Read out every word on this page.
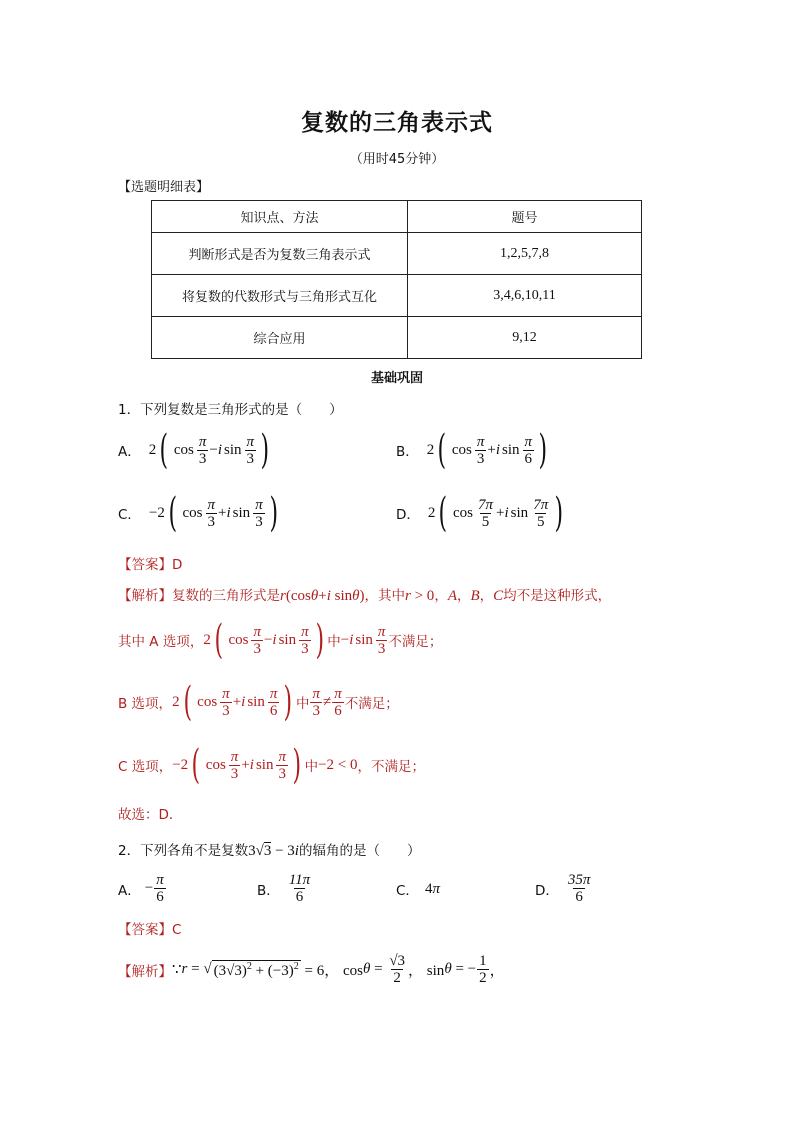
复数的三角表示式
（用时45分钟）
【选题明细表】
知识点、方法	题号
判断形式是否为复数三角表示式	1,2,5,7,8
将复数的代数形式与三角形式互化	3,4,6,10,11
综合应用	9,12
基础巩固
1．下列复数是三角形式的是（　　）
A． 2 ( $\cos \frac{\pi}{3} - i$ $\sin \frac{\pi}{3}$ )	B． 2 ( $\cos \frac{\pi}{3} + i$ $\sin \frac{\pi}{6}$ )
C． −2 ( $\cos \frac{\pi}{3} + i$ $\sin \frac{\pi}{3}$ )	D． 2 ( $\cos \frac{7\pi}{5} + i$ $\sin \frac{7\pi}{5}$ )
【答案】D
【解析】复数的三角形式是r(cosθ+i sinθ)，其中r > 0，A，B，C均不是这种形式，
其中 A 选项， 2 ( $\cos \frac{\pi}{3} - i$ $\sin \frac{\pi}{3}$ ) 中 − i $\sin \frac{\pi}{3}$ 不满足；
B 选项， 2 ( $\cos \frac{\pi}{3} + i$ $\sin \frac{\pi}{6}$ ) 中 $\frac{\pi}{3} \ne \frac{\pi}{6}$ 不满足；
C 选项， −2 ( $\cos \frac{\pi}{3} + i$ $\sin \frac{\pi}{3}$ ) 中 −2 < 0 ，不满足；
故选：D．
2．下列各角不是复数3√3 − 3i的辐角的是（　　）
A． − $\frac{\pi}{6}$	B． $\frac{11\pi}{6}$	C． 4 π	D． $\frac{35\pi}{6}$
【答案】C
【解析】 ∵ r = √ $(3√3)^2 + (-3)^2 = 6$， $\cos \theta = \frac{√3}{2}$ ， sin θ = − $\frac{1}{2}$ ，
